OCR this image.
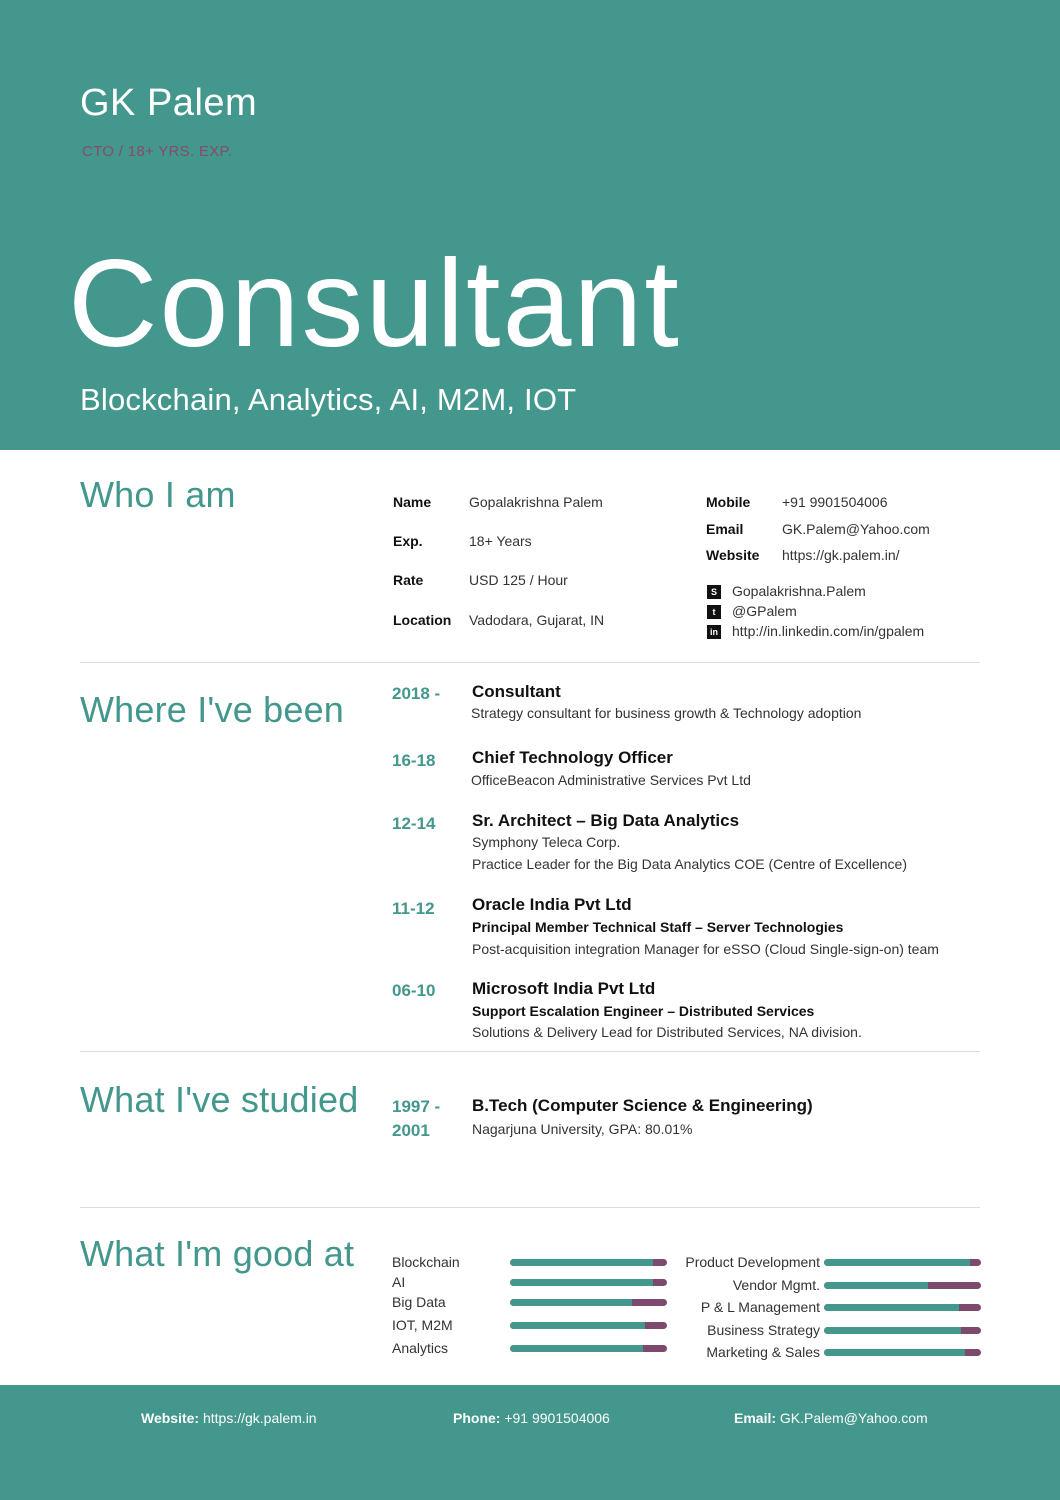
GK Palem
CTO / 18+ YRS. EXP.
Consultant
Blockchain, Analytics, AI, M2M, IOT
Who I am	Name	Gopalakrishna Palem
Exp.	18+ Years
Rate	USD 125 / Hour
Location Vadodara, Gujarat, IN
Mobile +91 9901504006
Email	GK.Palem@Yahoo.com
Website https://gk.palem.in/
S Gopalakrishna.Palem
t	@GPalem
in http://in.linkedin.com/in/gpalem
Where I've been	2018 - Consultant
Strategy consultant for business growth & Technology adoption
16-18 Chief Technology Officer
OfficeBeacon Administrative Services Pvt Ltd
12-14 Sr. Architect – Big Data Analytics
Symphony Teleca Corp.
Practice Leader for the Big Data Analytics COE (Centre of Excellence)
11-12 Oracle India Pvt Ltd
Principal Member Technical Staff – Server Technologies
Post-acquisition integration Manager for eSSO (Cloud Single-sign-on) team
06-10 Microsoft India Pvt Ltd
Support Escalation Engineer – Distributed Services
Solutions & Delivery Lead for Distributed Services, NA division.
What I've studied 1997 -
2001
B.Tech (Computer Science & Engineering)
Nagarjuna University, GPA: 80.01%
What I'm good at	Blockchain
AI
Big Data
IOT, M2M
Analytics
Product Development
Vendor Mgmt.
P & L Management
Business Strategy
Marketing & Sales
Website: https://gk.palem.in	Phone: +91 9901504006	Email: GK.Palem@Yahoo.com
